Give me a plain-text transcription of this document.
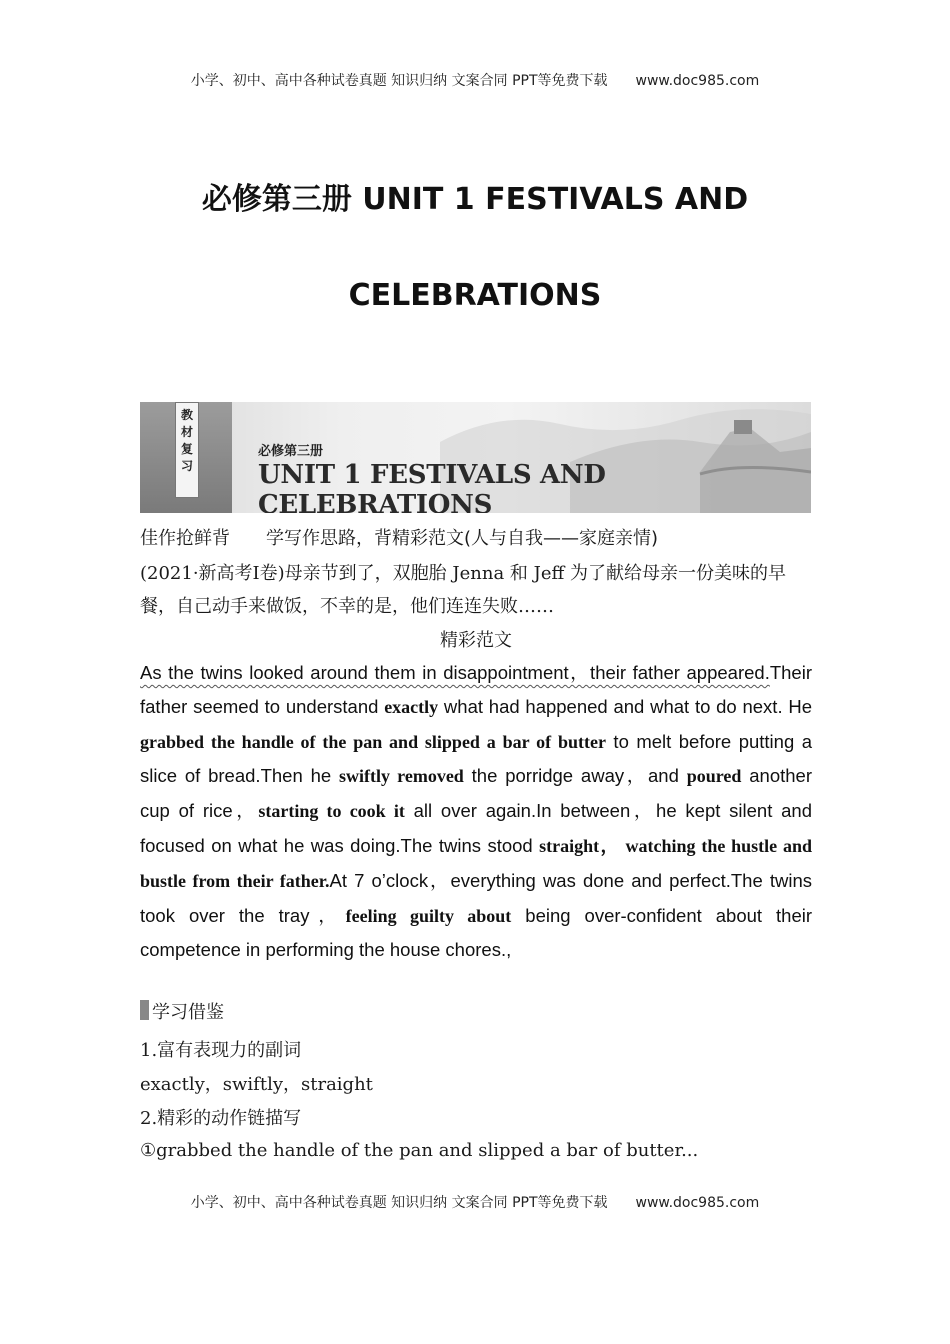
小学、初中、高中各种试卷真题 知识归纳 文案合同 PPT等免费下载 www.doc985.com
必修第三册 UNIT 1 FESTIVALS AND
CELEBRATIONS
教
材
复
习
必修第三册
UNIT 1 FESTIVALS AND CELEBRATIONS
佳作抢鲜背 学写作思路，背精彩范文(人与自我——家庭亲情)
(2021·新高考Ⅰ卷)母亲节到了，双胞胎 Jenna 和 Jeff 为了献给母亲一份美味的早
餐，自己动手来做饭，不幸的是，他们连连失败……
精彩范文
As the twins looked around them in disappointment，their father appeared.Their father seemed to understand exactly what had happened and what to do next. He grabbed the handle of the pan and slipped a bar of butter to melt before putting a slice of bread.Then he swiftly removed the porridge away，and poured another cup of rice，starting to cook it all over again.In between，he kept silent and focused on what he was doing.The twins stood straight， watching the hustle and bustle from their father.At 7 o’clock，everything was done and perfect.The twins took over the tray，feeling guilty about being over-confident about their competence in performing the house chores.,
学习借鉴
1.富有表现力的副词
exactly，swiftly，straight
2.精彩的动作链描写
①grabbed the handle of the pan and slipped a bar of butter...
小学、初中、高中各种试卷真题 知识归纳 文案合同 PPT等免费下载 www.doc985.com
